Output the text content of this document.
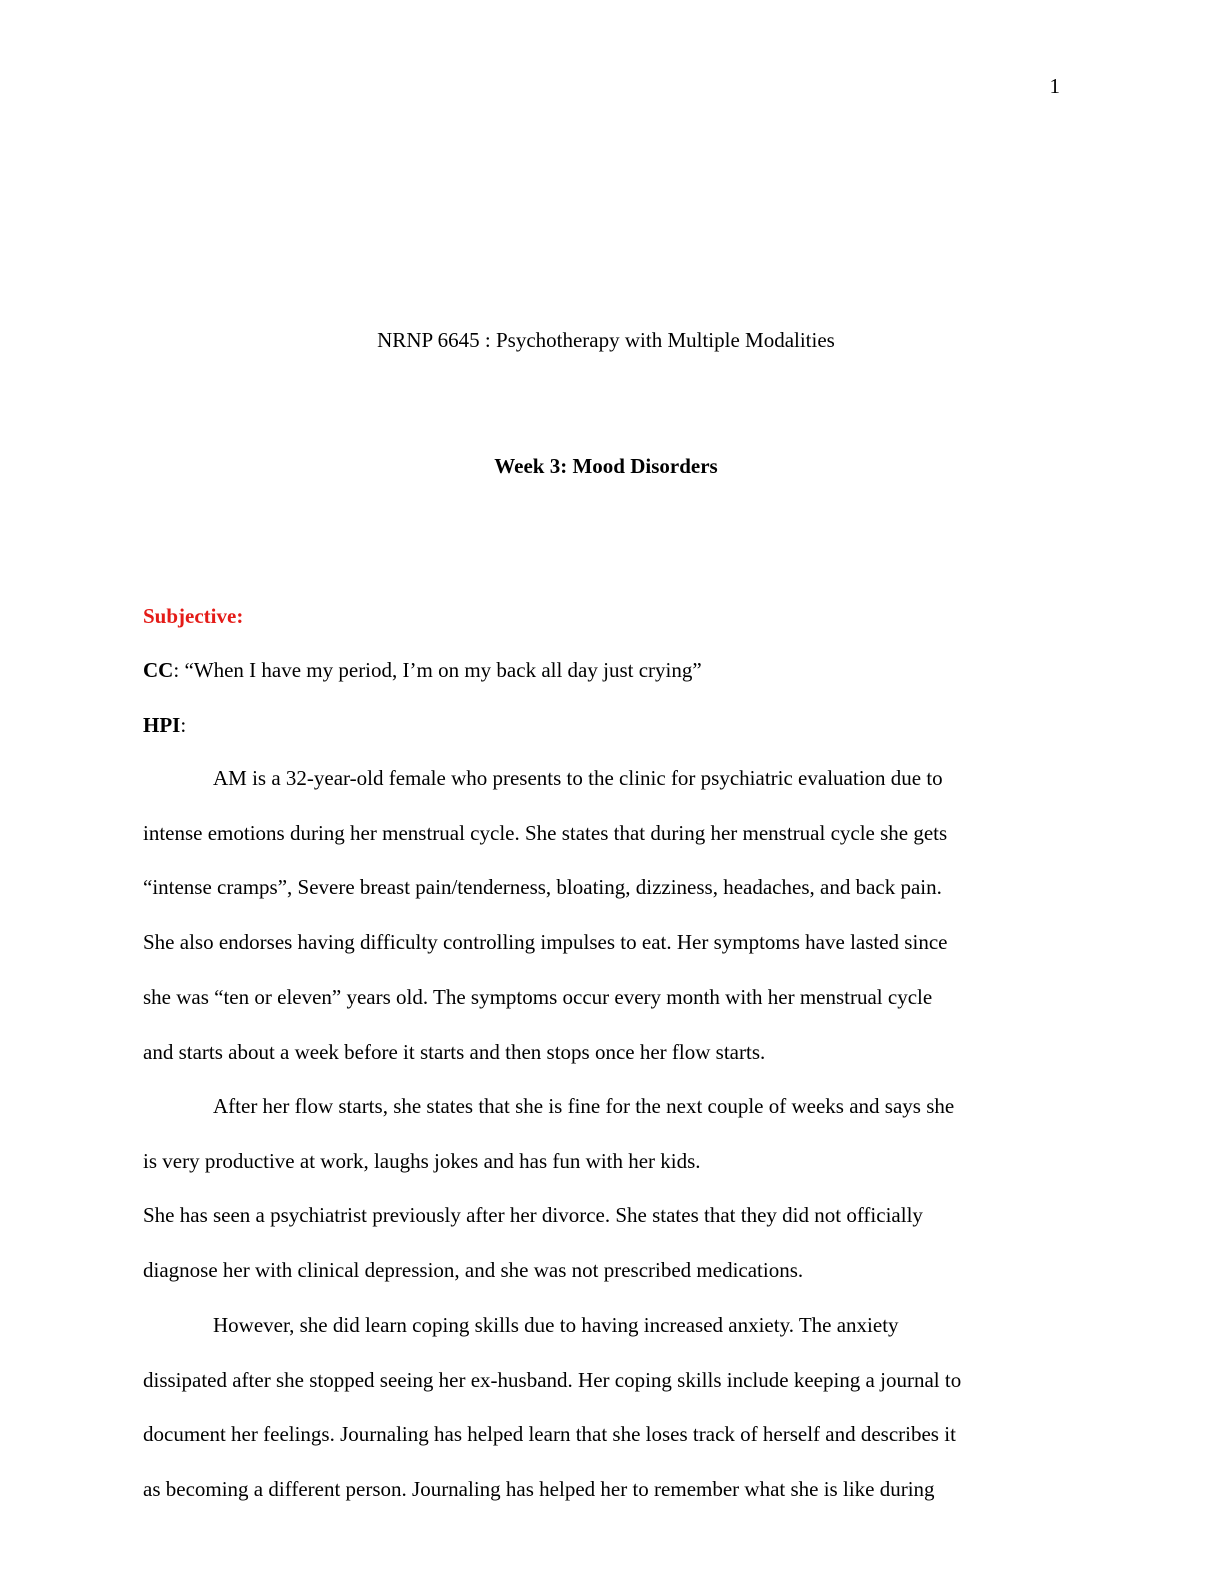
1
NRNP 6645 : Psychotherapy with Multiple Modalities
Week 3: Mood Disorders
Subjective:
CC: “When I have my period, I’m on my back all day just crying”
HPI:
AM is a 32-year-old female who presents to the clinic for psychiatric evaluation due to
intense emotions during her menstrual cycle. She states that during her menstrual cycle she gets
“intense cramps”, Severe breast pain/tenderness, bloating, dizziness, headaches, and back pain.
She also endorses having difficulty controlling impulses to eat. Her symptoms have lasted since
she was “ten or eleven” years old. The symptoms occur every month with her menstrual cycle
and starts about a week before it starts and then stops once her flow starts.
After her flow starts, she states that she is fine for the next couple of weeks and says she
is very productive at work, laughs jokes and has fun with her kids.
She has seen a psychiatrist previously after her divorce. She states that they did not officially
diagnose her with clinical depression, and she was not prescribed medications.
However, she did learn coping skills due to having increased anxiety. The anxiety
dissipated after she stopped seeing her ex-husband. Her coping skills include keeping a journal to
document her feelings. Journaling has helped learn that she loses track of herself and describes it
as becoming a different person. Journaling has helped her to remember what she is like during
